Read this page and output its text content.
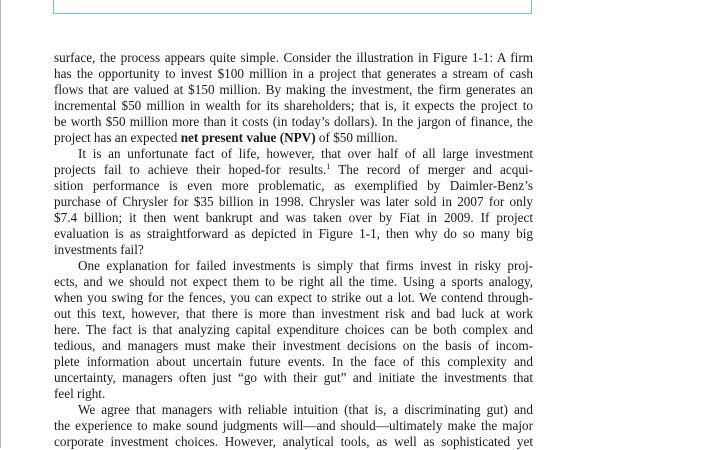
surface, the process appears quite simple. Consider the illustration in Figure 1-1: A firm
has the opportunity to invest $100 million in a project that generates a stream of cash
flows that are valued at $150 million. By making the investment, the firm generates an
incremental $50 million in wealth for its shareholders; that is, it expects the project to
be worth $50 million more than it costs (in today’s dollars). In the jargon of finance, the
project has an expected net present value (NPV) of $50 million.
It is an unfortunate fact of life, however, that over half of all large investment
projects fail to achieve their hoped-for results.$^1$ The record of merger and acqui-
sition performance is even more problematic, as exemplified by Daimler-Benz’s
purchase of Chrysler for $35 billion in 1998. Chrysler was later sold in 2007 for only
$7.4 billion; it then went bankrupt and was taken over by Fiat in 2009. If project
evaluation is as straightforward as depicted in Figure 1-1, then why do so many big
investments fail?
One explanation for failed investments is simply that firms invest in risky proj-
ects, and we should not expect them to be right all the time. Using a sports analogy,
when you swing for the fences, you can expect to strike out a lot. We contend through-
out this text, however, that there is more than investment risk and bad luck at work
here. The fact is that analyzing capital expenditure choices can be both complex and
tedious, and managers must make their investment decisions on the basis of incom-
plete information about uncertain future events. In the face of this complexity and
uncertainty, managers often just “go with their gut” and initiate the investments that
feel right.
We agree that managers with reliable intuition (that is, a discriminating gut) and
the experience to make sound judgments will—and should—ultimately make the major
corporate investment choices. However, analytical tools, as well as sophisticated yet
